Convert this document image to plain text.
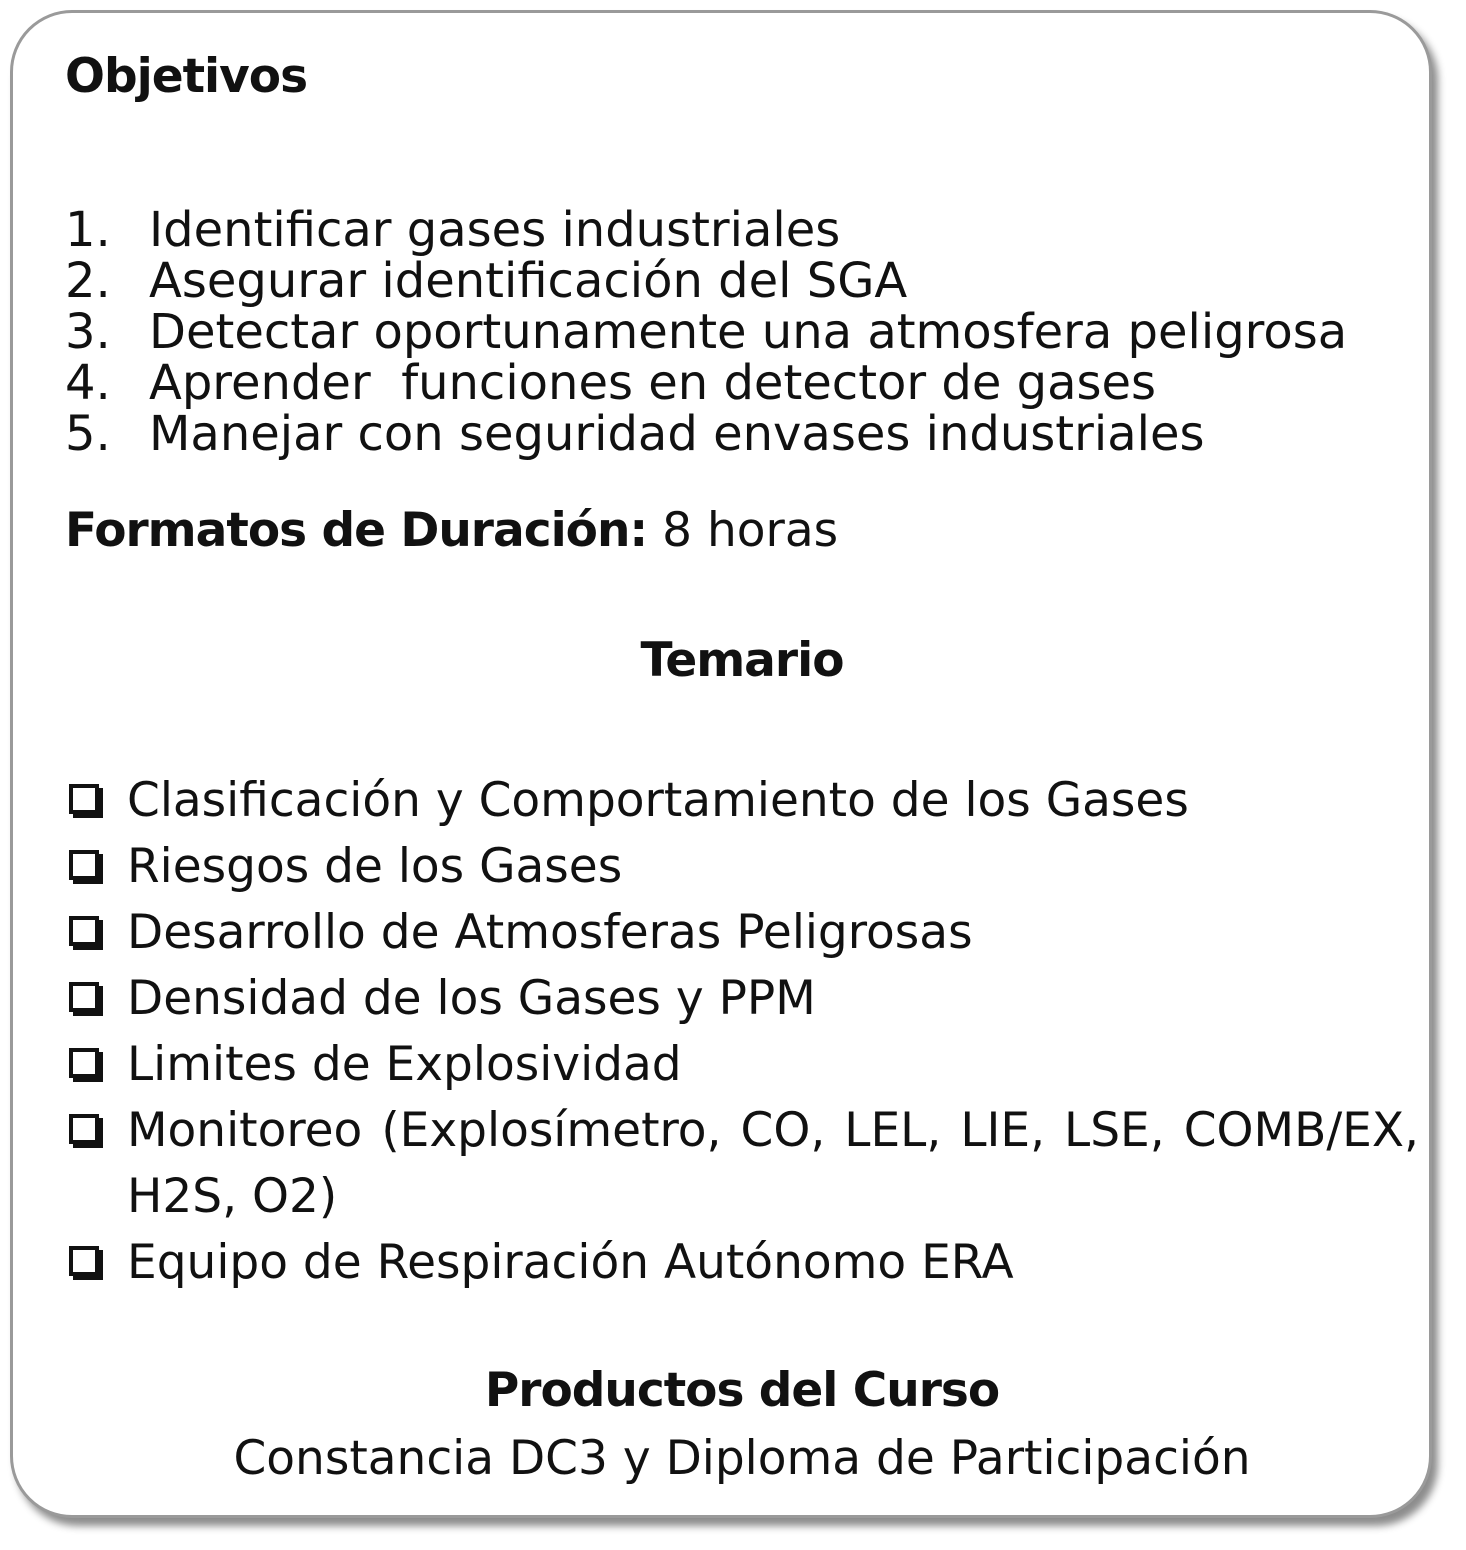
Objetivos
1. Identificar gases industriales
2. Asegurar identificación del SGA
3. Detectar oportunamente una atmosfera peligrosa
4. Aprender  funciones en detector de gases
5. Manejar con seguridad envases industriales
Formatos de Duración: 8 horas
Temario
Clasificación y Comportamiento de los Gases
Riesgos de los Gases
Desarrollo de Atmosferas Peligrosas
Densidad de los Gases y PPM
Limites de Explosividad
Monitoreo (Explosímetro, CO, LEL, LIE, LSE, COMB/EX, H2S, O2)
Equipo de Respiración Autónomo ERA
Productos del Curso
Constancia DC3 y Diploma de Participación
